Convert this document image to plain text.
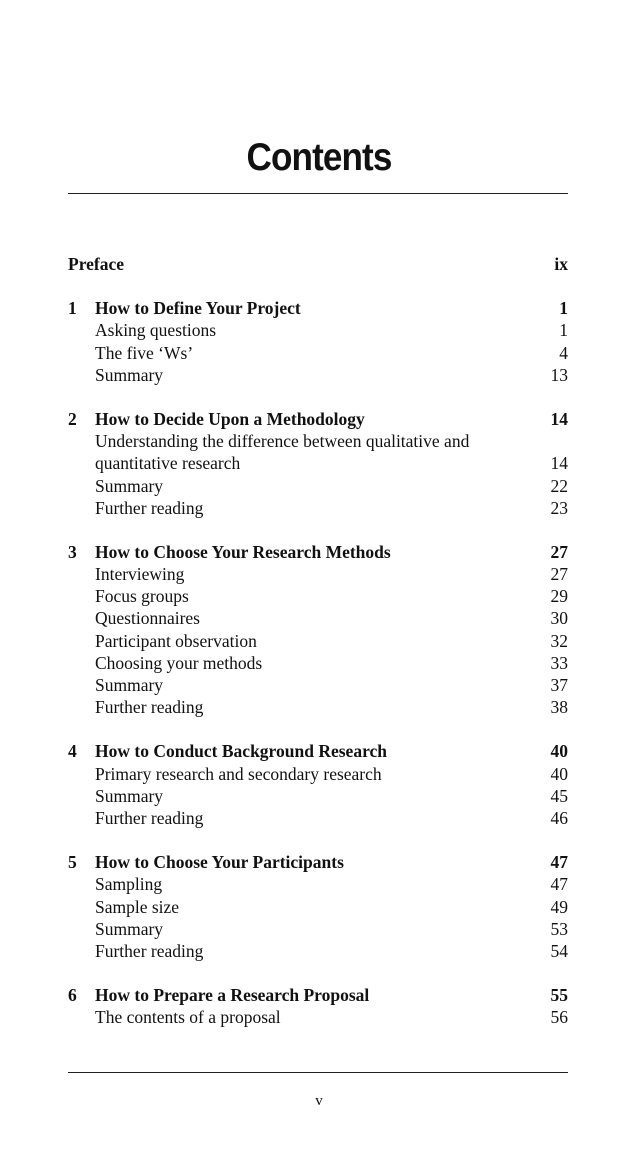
Contents
Preface	ix
1 How to Define Your Project	1
Asking questions	1
The five ‘Ws’	4
Summary	13
2 How to Decide Upon a Methodology	14
Understanding the difference between qualitative and
quantitative research	14
Summary	22
Further reading	23
3 How to Choose Your Research Methods	27
Interviewing	27
Focus groups	29
Questionnaires	30
Participant observation	32
Choosing your methods	33
Summary	37
Further reading	38
4 How to Conduct Background Research	40
Primary research and secondary research	40
Summary	45
Further reading	46
5 How to Choose Your Participants	47
Sampling	47
Sample size	49
Summary	53
Further reading	54
6 How to Prepare a Research Proposal	55
The contents of a proposal	56
v
